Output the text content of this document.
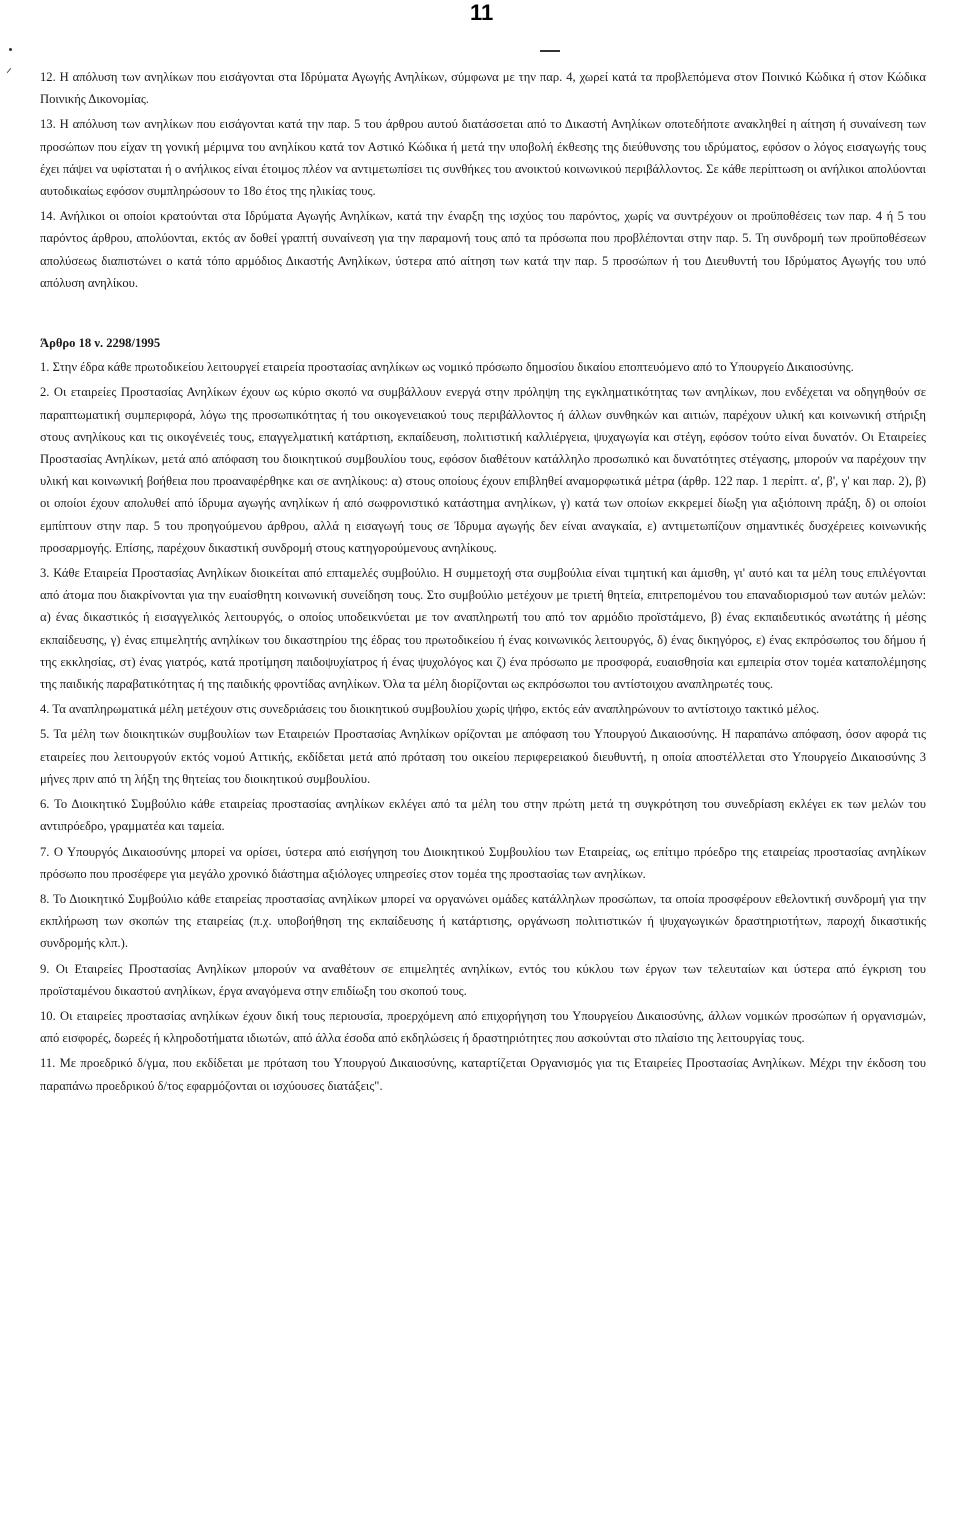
11

12. Η απόλυση των ανηλίκων που εισάγονται στα Ιδρύματα Αγωγής Ανηλίκων, σύμφωνα με την παρ. 4, χωρεί κατά τα προβλεπόμενα στον Ποινικό Κώδικα ή στον Κώδικα Ποινικής Δικονομίας.

13. Η απόλυση των ανηλίκων που εισάγονται κατά την παρ. 5 του άρθρου αυτού διατάσσεται από το Δικαστή Ανηλίκων οποτεδήποτε ανακληθεί η αίτηση ή συναίνεση των προσώπων που είχαν τη γονική μέριμνα του ανηλίκου κατά τον Αστικό Κώδικα ή μετά την υποβολή έκθεσης της διεύθυνσης του ιδρύματος, εφόσον ο λόγος εισαγωγής τους έχει πάψει να υφίσταται ή ο ανήλικος είναι έτοιμος πλέον να αντιμετωπίσει τις συνθήκες του ανοικτού κοινωνικού περιβάλλοντος. Σε κάθε περίπτωση οι ανήλικοι απολύονται αυτοδικαίως εφόσον συμπληρώσουν το 18ο έτος της ηλικίας τους.

14. Ανήλικοι οι οποίοι κρατούνται στα Ιδρύματα Αγωγής Ανηλίκων, κατά την έναρξη της ισχύος του παρόντος, χωρίς να συντρέχουν οι προϋποθέσεις των παρ. 4 ή 5 του παρόντος άρθρου, απολύονται, εκτός αν δοθεί γραπτή συναίνεση για την παραμονή τους από τα πρόσωπα που προβλέπονται στην παρ. 5. Τη συνδρομή των προϋποθέσεων απολύσεως διαπιστώνει ο κατά τόπο αρμόδιος Δικαστής Ανηλίκων, ύστερα από αίτηση των κατά την παρ. 5 προσώπων ή του Διευθυντή του Ιδρύματος Αγωγής του υπό απόλυση ανηλίκου.

Άρθρο 18 ν. 2298/1995

1. Στην έδρα κάθε πρωτοδικείου λειτουργεί εταιρεία προστασίας ανηλίκων ως νομικό πρόσωπο δημοσίου δικαίου εποπτευόμενο από το Υπουργείο Δικαιοσύνης.

2. Οι εταιρείες Προστασίας Ανηλίκων έχουν ως κύριο σκοπό να συμβάλλουν ενεργά στην πρόληψη της εγκληματικότητας των ανηλίκων, που ενδέχεται να οδηγηθούν σε παραπτωματική συμπεριφορά, λόγω της προσωπικότητας ή του οικογενειακού τους περιβάλλοντος ή άλλων συνθηκών και αιτιών, παρέχουν υλική και κοινωνική στήριξη στους ανηλίκους και τις οικογένειές τους, επαγγελματική κατάρτιση, εκπαίδευση, πολιτιστική καλλιέργεια, ψυχαγωγία και στέγη, εφόσον τούτο είναι δυνατόν. Οι Εταιρείες Προστασίας Ανηλίκων, μετά από απόφαση του διοικητικού συμβουλίου τους, εφόσον διαθέτουν κατάλληλο προσωπικό και δυνατότητες στέγασης, μπορούν να παρέχουν την υλική και κοινωνική βοήθεια που προαναφέρθηκε και σε ανηλίκους: α) στους οποίους έχουν επιβληθεί αναμορφωτικά μέτρα (άρθρ. 122 παρ. 1 περίπτ. α', β', γ' και παρ. 2), β) οι οποίοι έχουν απολυθεί από ίδρυμα αγωγής ανηλίκων ή από σωφρονιστικό κατάστημα ανηλίκων, γ) κατά των οποίων εκκρεμεί δίωξη για αξιόποινη πράξη, δ) οι οποίοι εμπίπτουν στην παρ. 5 του προηγούμενου άρθρου, αλλά η εισαγωγή τους σε Ίδρυμα αγωγής δεν είναι αναγκαία, ε) αντιμετωπίζουν σημαντικές δυσχέρειες κοινωνικής προσαρμογής. Επίσης, παρέχουν δικαστική συνδρομή στους κατηγορούμενους ανηλίκους.

3. Κάθε Εταιρεία Προστασίας Ανηλίκων διοικείται από επταμελές συμβούλιο. Η συμμετοχή στα συμβούλια είναι τιμητική και άμισθη, γι' αυτό και τα μέλη τους επιλέγονται από άτομα που διακρίνονται για την ευαίσθητη κοινωνική συνείδηση τους. Στο συμβούλιο μετέχουν με τριετή θητεία, επιτρεπομένου του επαναδιορισμού των αυτών μελών: α) ένας δικαστικός ή εισαγγελικός λειτουργός, ο οποίος υποδεικνύεται με τον αναπληρωτή του από τον αρμόδιο προϊστάμενο, β) ένας εκπαιδευτικός ανωτάτης ή μέσης εκπαίδευσης, γ) ένας επιμελητής ανηλίκων του δικαστηρίου της έδρας του πρωτοδικείου ή ένας κοινωνικός λειτουργός, δ) ένας δικηγόρος, ε) ένας εκπρόσωπος του δήμου ή της εκκλησίας, στ) ένας γιατρός, κατά προτίμηση παιδοψυχίατρος ή ένας ψυχολόγος και ζ) ένα πρόσωπο με προσφορά, ευαισθησία και εμπειρία στον τομέα καταπολέμησης της παιδικής παραβατικότητας ή της παιδικής φροντίδας ανηλίκων. Όλα τα μέλη διορίζονται ως εκπρόσωποι του αντίστοιχου αναπληρωτές τους.

4. Τα αναπληρωματικά μέλη μετέχουν στις συνεδριάσεις του διοικητικού συμβουλίου χωρίς ψήφο, εκτός εάν αναπληρώνουν το αντίστοιχο τακτικό μέλος.

5. Τα μέλη των διοικητικών συμβουλίων των Εταιρειών Προστασίας Ανηλίκων ορίζονται με απόφαση του Υπουργού Δικαιοσύνης. Η παραπάνω απόφαση, όσον αφορά τις εταιρείες που λειτουργούν εκτός νομού Αττικής, εκδίδεται μετά από πρόταση του οικείου περιφερειακού διευθυντή, η οποία αποστέλλεται στο Υπουργείο Δικαιοσύνης 3 μήνες πριν από τη λήξη της θητείας του διοικητικού συμβουλίου.

6. Το Διοικητικό Συμβούλιο κάθε εταιρείας προστασίας ανηλίκων εκλέγει από τα μέλη του στην πρώτη μετά τη συγκρότηση του συνεδρίαση εκλέγει εκ των μελών του αντιπρόεδρο, γραμματέα και ταμεία.

7. Ο Υπουργός Δικαιοσύνης μπορεί να ορίσει, ύστερα από εισήγηση του Διοικητικού Συμβουλίου των Εταιρείας, ως επίτιμο πρόεδρο της εταιρείας προστασίας ανηλίκων πρόσωπο που προσέφερε για μεγάλο χρονικό διάστημα αξιόλογες υπηρεσίες στον τομέα της προστασίας των ανηλίκων.

8. Το Διοικητικό Συμβούλιο κάθε εταιρείας προστασίας ανηλίκων μπορεί να οργανώνει ομάδες κατάλληλων προσώπων, τα οποία προσφέρουν εθελοντική συνδρομή για την εκπλήρωση των σκοπών της εταιρείας (π.χ. υποβοήθηση της εκπαίδευσης ή κατάρτισης, οργάνωση πολιτιστικών ή ψυχαγωγικών δραστηριοτήτων, παροχή δικαστικής συνδρομής κλπ.).

9. Οι Εταιρείες Προστασίας Ανηλίκων μπορούν να αναθέτουν σε επιμελητές ανηλίκων, εντός του κύκλου των έργων των τελευταίων και ύστερα από έγκριση του προϊσταμένου δικαστού ανηλίκων, έργα αναγόμενα στην επιδίωξη του σκοπού τους.

10. Οι εταιρείες προστασίας ανηλίκων έχουν δική τους περιουσία, προερχόμενη από επιχορήγηση του Υπουργείου Δικαιοσύνης, άλλων νομικών προσώπων ή οργανισμών, από εισφορές, δωρεές ή κληροδοτήματα ιδιωτών, από άλλα έσοδα από εκδηλώσεις ή δραστηριότητες που ασκούνται στο πλαίσιο της λειτουργίας τους.

11. Με προεδρικό δ/γμα, που εκδίδεται με πρόταση του Υπουργού Δικαιοσύνης, καταρτίζεται Οργανισμός για τις Εταιρείες Προστασίας Ανηλίκων. Μέχρι την έκδοση του παραπάνω προεδρικού δ/τος εφαρμόζονται οι ισχύουσες διατάξεις".
